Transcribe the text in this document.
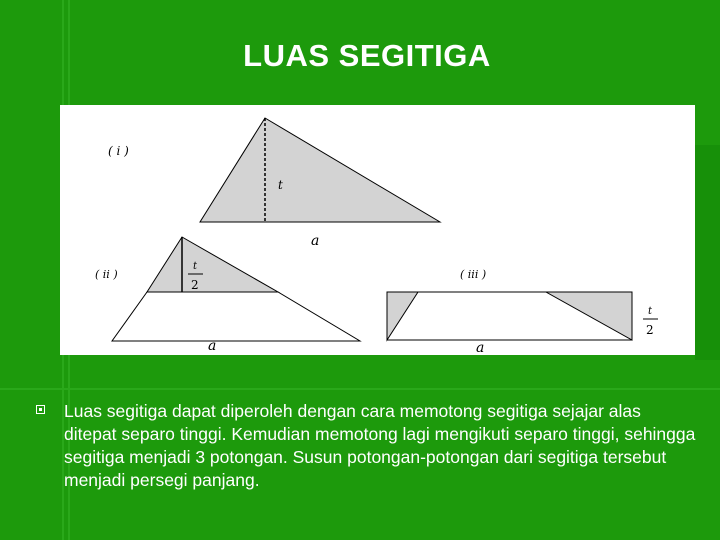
LUAS SEGITIGA
( i )
t
a
( ii )
t
2
a
( iii )
t
2
a
Luas segitiga dapat diperoleh dengan cara memotong segitiga sejajar alas ditepat separo tinggi. Kemudian memotong lagi mengikuti separo tinggi, sehingga segitiga menjadi 3 potongan. Susun potongan-potongan dari segitiga tersebut menjadi persegi panjang.
